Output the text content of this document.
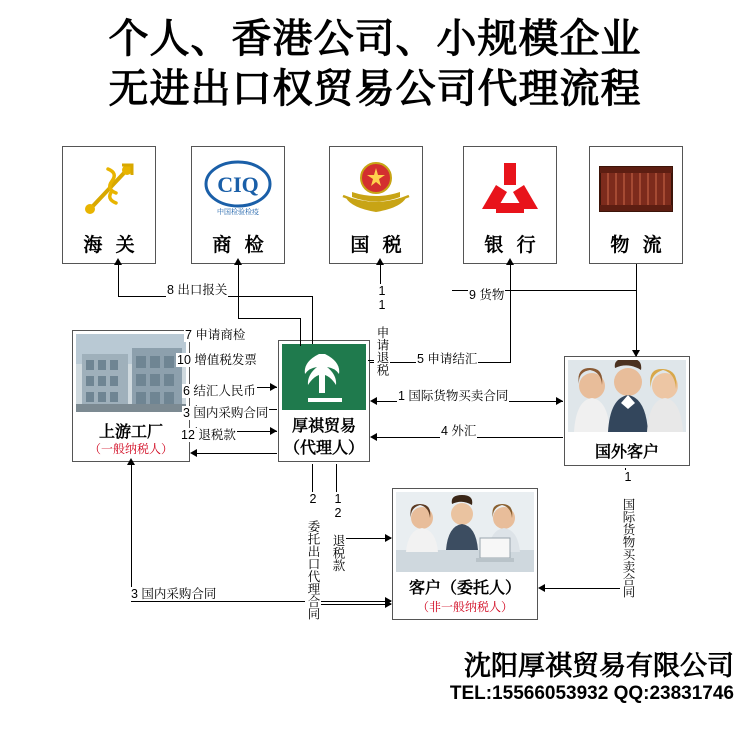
个人、香港公司、小规模企业
无进出口权贸易公司代理流程
海 关
CIQ
中国检验检疫
商 检	国 税	银 行	物 流
上游工厂
（一般纳税人）
厚祺贸易
（代理人）	国外客户
客户（委托人）
（非一般纳税人）
8 出口报关	11 申请退税	9 货物
7 申请商检
5 申请结汇
10 增值税发票
6 结汇人民币	1 国际货物买卖合同
3 国内采购合同
4 外汇
12 退税款
2 委托出口代理合同 12 退税款	1 国际货物买卖合同
3 国内采购合同
沈阳厚祺贸易有限公司
TEL:15566053932 QQ:23831746
